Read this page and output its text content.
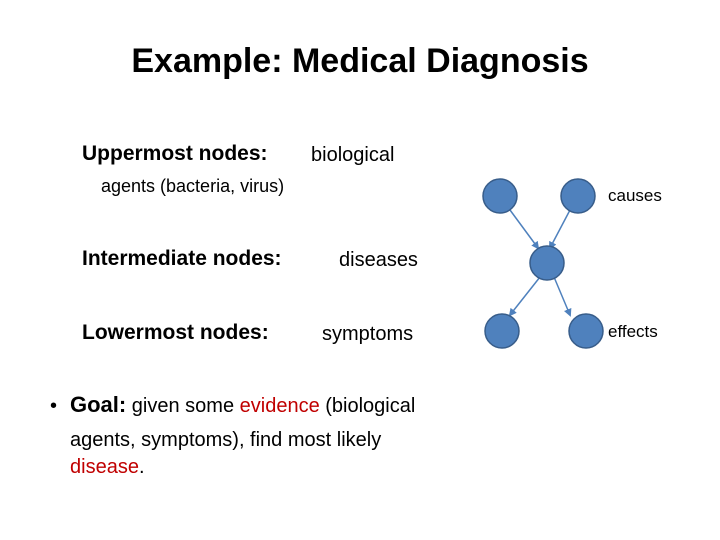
Example: Medical Diagnosis
Uppermost nodes: biological
agents (bacteria, virus)
Intermediate nodes:	diseases
Lowermost nodes:	symptoms
• Goal: given some evidence (biological
agents, symptoms), find most likely
disease.
causes
effects
